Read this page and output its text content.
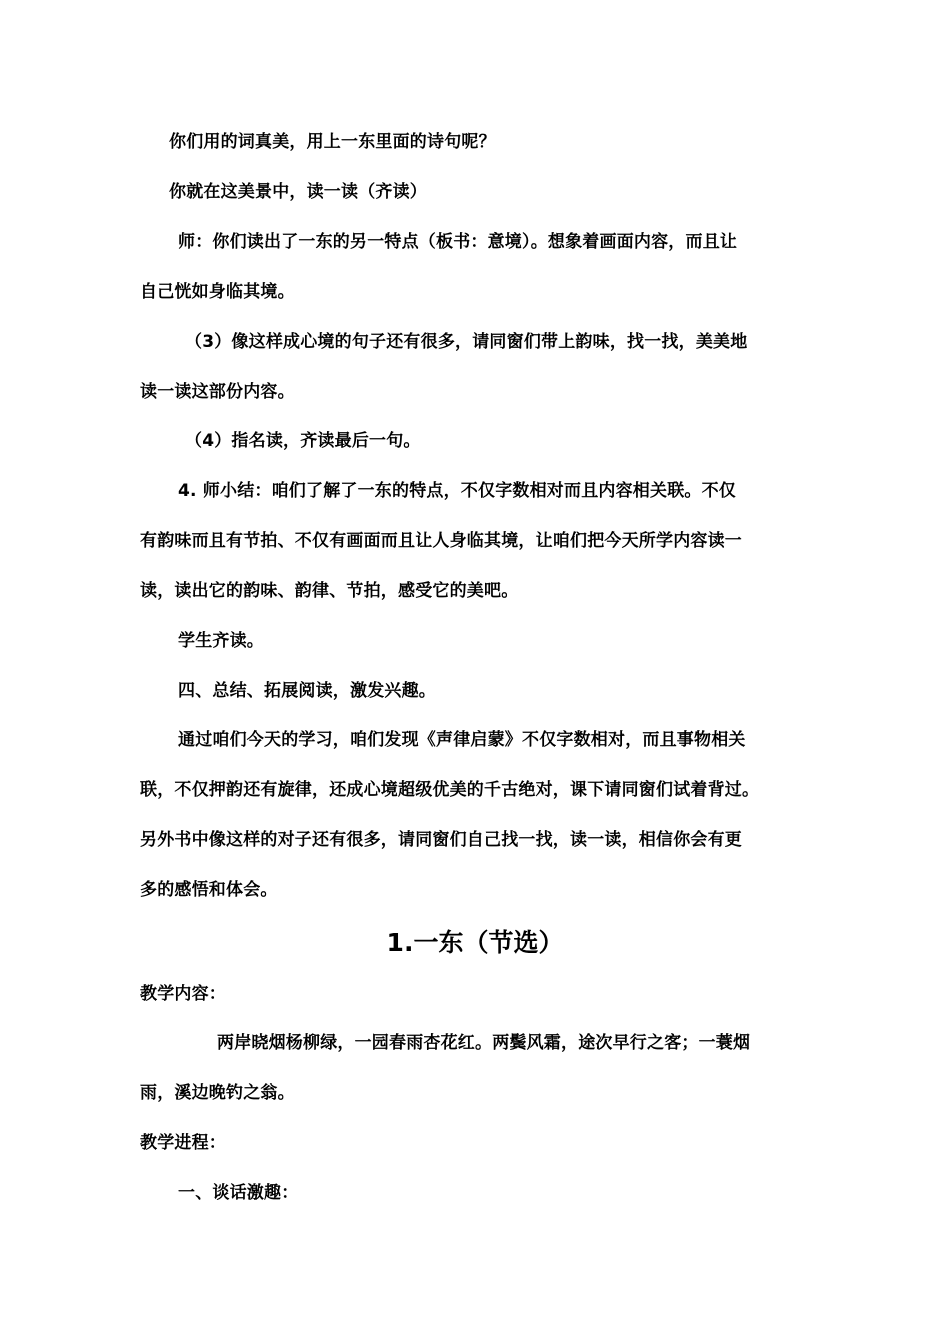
你们用的词真美，用上一东里面的诗句呢？
你就在这美景中，读一读（齐读）
师：你们读出了一东的另一特点（板书：意境）。想象着画面内容，而且让
自己恍如身临其境。
（3）像这样成心境的句子还有很多，请同窗们带上韵味，找一找，美美地
读一读这部份内容。
（4）指名读，齐读最后一句。
4. 师小结：咱们了解了一东的特点，不仅字数相对而且内容相关联。不仅
有韵味而且有节拍、不仅有画面而且让人身临其境，让咱们把今天所学内容读一
读，读出它的韵味、韵律、节拍，感受它的美吧。
学生齐读。
四、总结、拓展阅读，激发兴趣。
通过咱们今天的学习，咱们发现《声律启蒙》不仅字数相对，而且事物相关
联，不仅押韵还有旋律，还成心境超级优美的千古绝对，课下请同窗们试着背过。
另外书中像这样的对子还有很多，请同窗们自己找一找，读一读，相信你会有更
多的感悟和体会。
1.一东（节选）
教学内容：
两岸晓烟杨柳绿，一园春雨杏花红。两鬓风霜，途次早行之客；一蓑烟
雨，溪边晚钓之翁。
教学进程：
一、谈话激趣：
